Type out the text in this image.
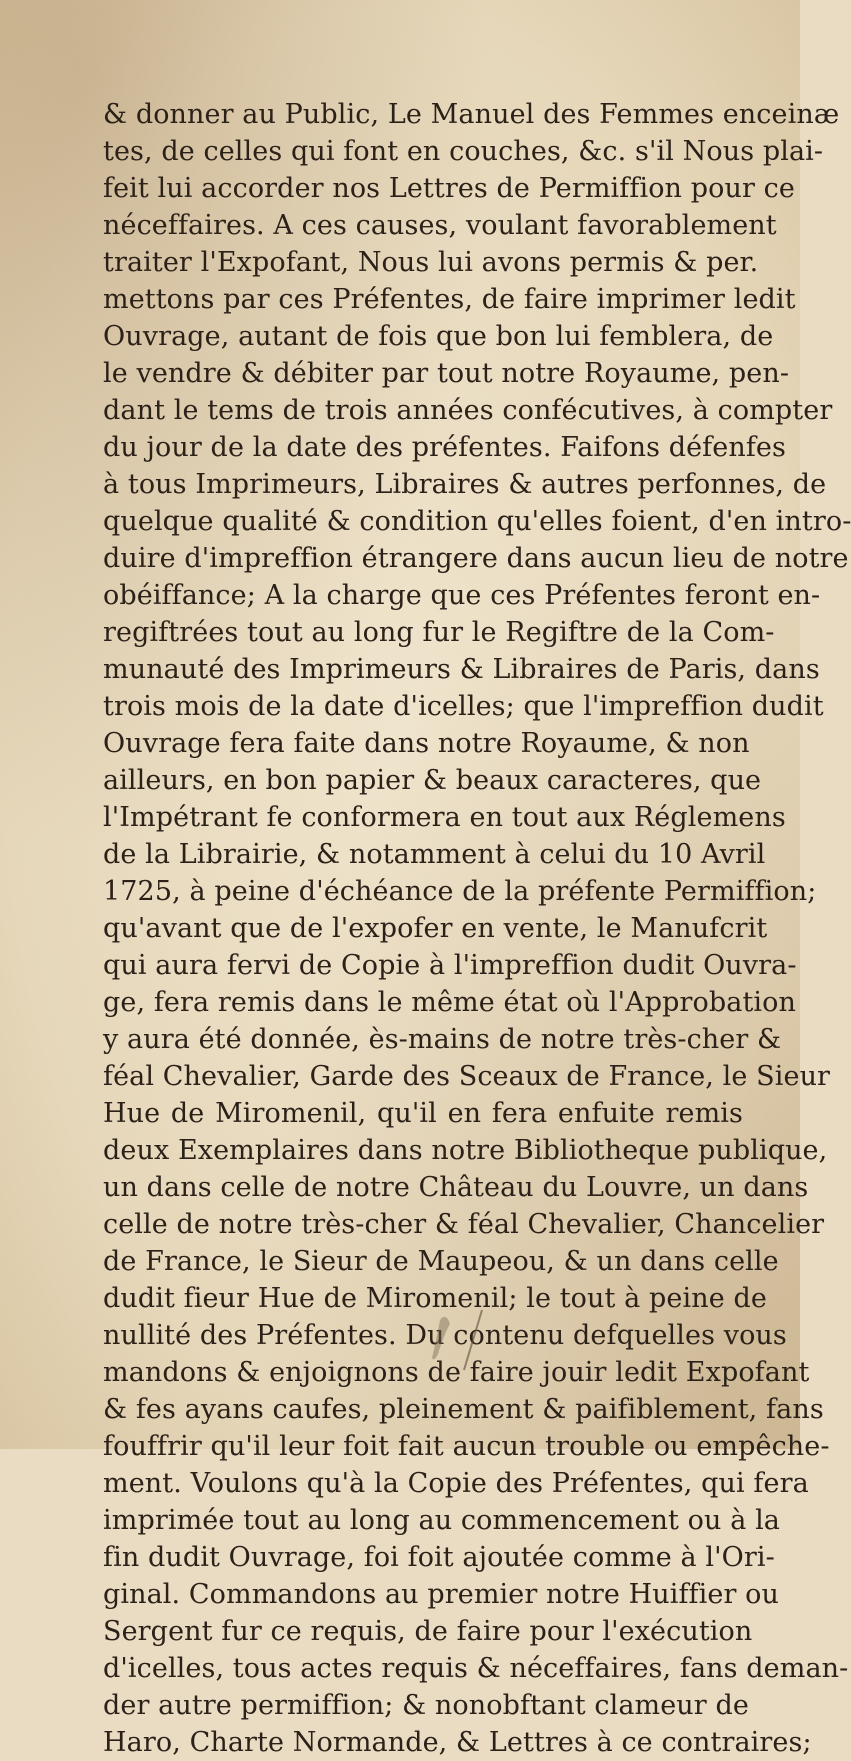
& donner au Public, Le Manuel des Femmes enceinæ
tes, de celles qui font en couches, &c. s'il Nous plai-
feit lui accorder nos Lettres de Permiffion pour ce
néceffaires. A ces causes, voulant favorablement
traiter l'Expofant, Nous lui avons permis & per.
mettons par ces Préfentes, de faire imprimer ledit
Ouvrage, autant de fois que bon lui femblera, de
le vendre & débiter par tout notre Royaume, pen-
dant le tems de trois années confécutives, à compter
du jour de la date des préfentes. Faifons défenfes
à tous Imprimeurs, Libraires & autres perfonnes, de
quelque qualité & condition qu'elles foient, d'en intro-
duire d'impreffion étrangere dans aucun lieu de notre
obéiffance; A la charge que ces Préfentes feront en-
regiftrées tout au long fur le Regiftre de la Com-
munauté des Imprimeurs & Libraires de Paris, dans
trois mois de la date d'icelles; que l'impreffion dudit
Ouvrage fera faite dans notre Royaume, & non
ailleurs, en bon papier & beaux caracteres, que
l'Impétrant fe conformera en tout aux Réglemens
de la Librairie, & notamment à celui du 10 Avril
1725, à peine d'échéance de la préfente Permiffion;
qu'avant que de l'expofer en vente, le Manufcrit
qui aura fervi de Copie à l'impreffion dudit Ouvra-
ge, fera remis dans le même état où l'Approbation
y aura été donnée, ès-mains de notre très-cher &
féal Chevalier, Garde des Sceaux de France, le Sieur
Hue de Miromenil, qu'il en fera enfuite remis
deux Exemplaires dans notre Bibliotheque publique,
un dans celle de notre Château du Louvre, un dans
celle de notre très-cher & féal Chevalier, Chancelier
de France, le Sieur de Maupeou, & un dans celle
dudit fieur Hue de Miromenil; le tout à peine de
nullité des Préfentes. Du contenu defquelles vous
mandons & enjoignons de faire jouir ledit Expofant
& fes ayans caufes, pleinement & paifiblement, fans
fouffrir qu'il leur foit fait aucun trouble ou empêche-
ment. Voulons qu'à la Copie des Préfentes, qui fera
imprimée tout au long au commencement ou à la
fin dudit Ouvrage, foi foit ajoutée comme à l'Ori-
ginal. Commandons au premier notre Huiffier ou
Sergent fur ce requis, de faire pour l'exécution
d'icelles, tous actes requis & néceffaires, fans deman-
der autre permiffion; & nonobftant clameur de
Haro, Charte Normande, & Lettres à ce contraires;
